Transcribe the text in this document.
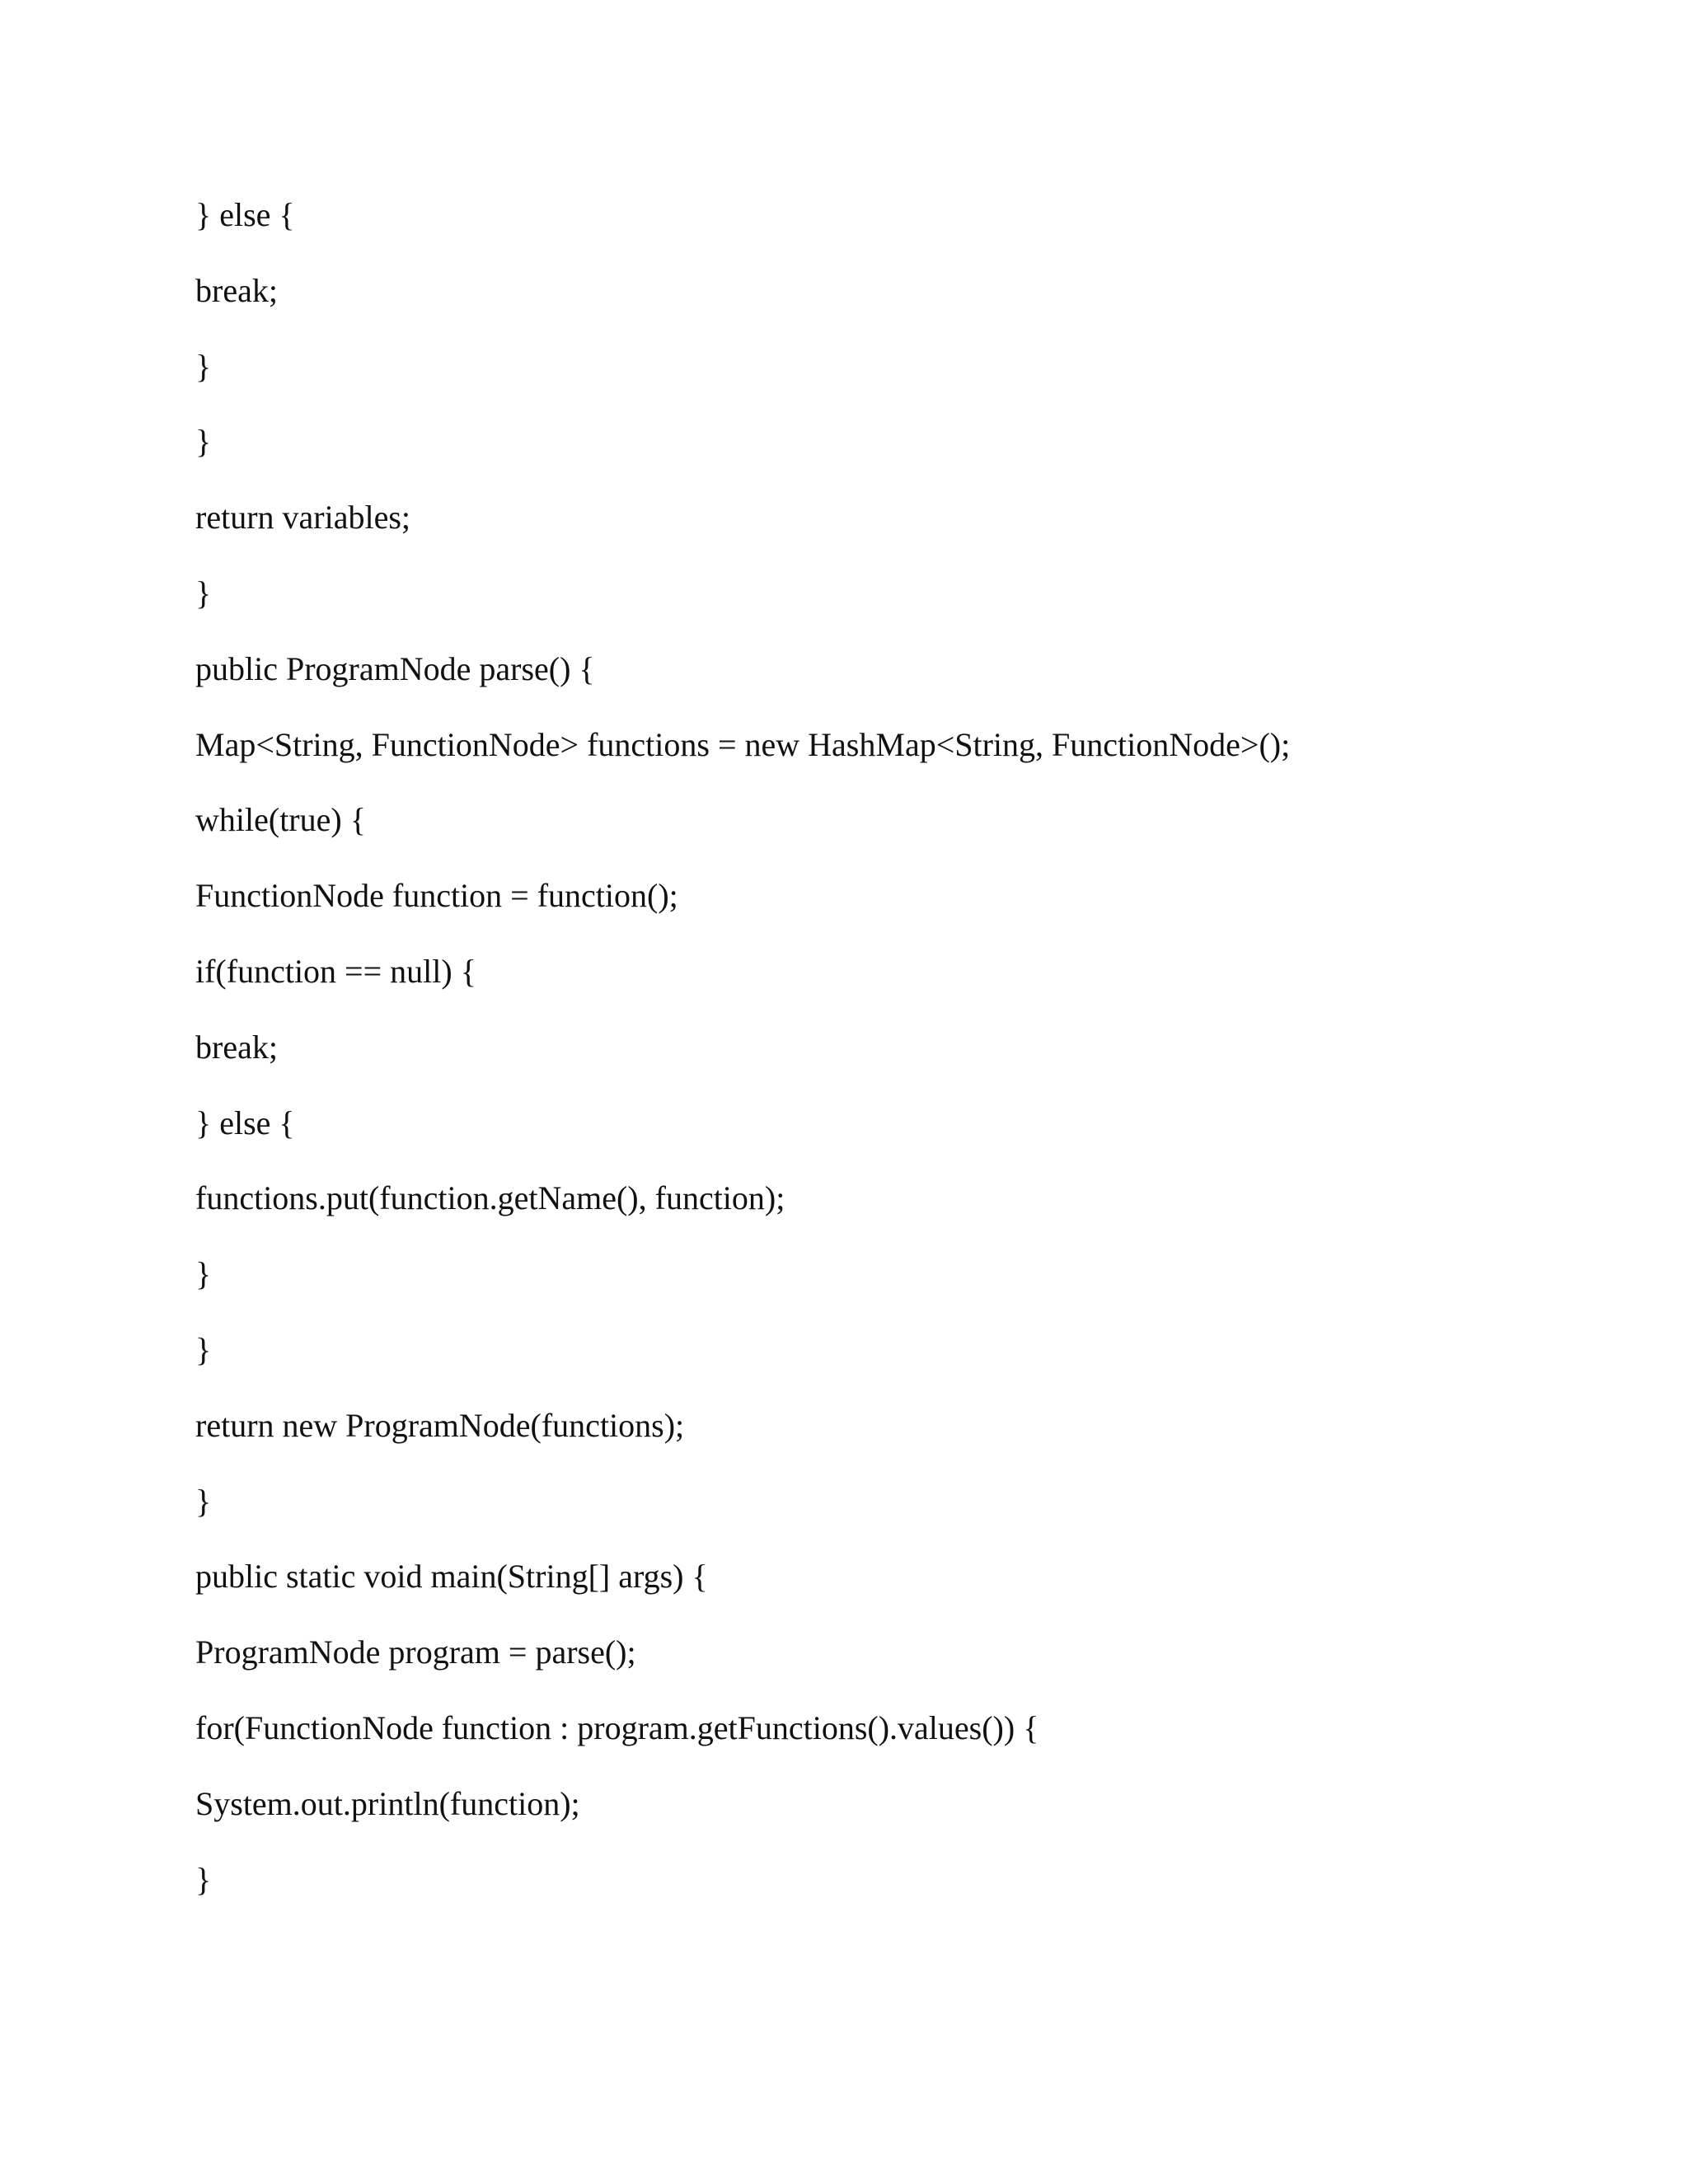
} else {
break;
}
}
return variables;
}
public ProgramNode parse() {
Map<String, FunctionNode> functions = new HashMap<String, FunctionNode>();
while(true) {
FunctionNode function = function();
if(function == null) {
break;
} else {
functions.put(function.getName(), function);
}
}
return new ProgramNode(functions);
}
public static void main(String[] args) {
ProgramNode program = parse();
for(FunctionNode function : program.getFunctions().values()) {
System.out.println(function);
}
